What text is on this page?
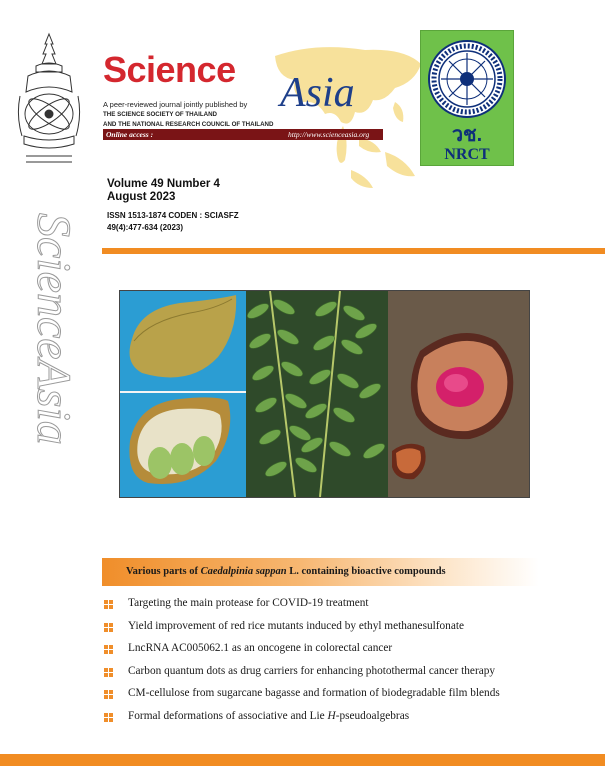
Science
Asia
A peer-reviewed journal jointly published by
THE SCIENCE SOCIETY OF THAILAND
AND THE NATIONAL RESEARCH COUNCIL OF THAILAND
Online access :	http://www.scienceasia.org	วช.
NRCT
Volume 49 Number 4
August 2023
ISSN 1513-1874 CODEN : SCIASFZ
49(4):477-634 (2023)
ScienceAsia
Various parts of Caedalpinia sappan L. containing bioactive compounds
Targeting the main protease for COVID-19 treatment
Yield improvement of red rice mutants induced by ethyl methanesulfonate
LncRNA AC005062.1 as an oncogene in colorectal cancer
Carbon quantum dots as drug carriers for enhancing photothermal cancer therapy
CM-cellulose from sugarcane bagasse and formation of biodegradable film blends
Formal deformations of associative and Lie H-pseudoalgebras
